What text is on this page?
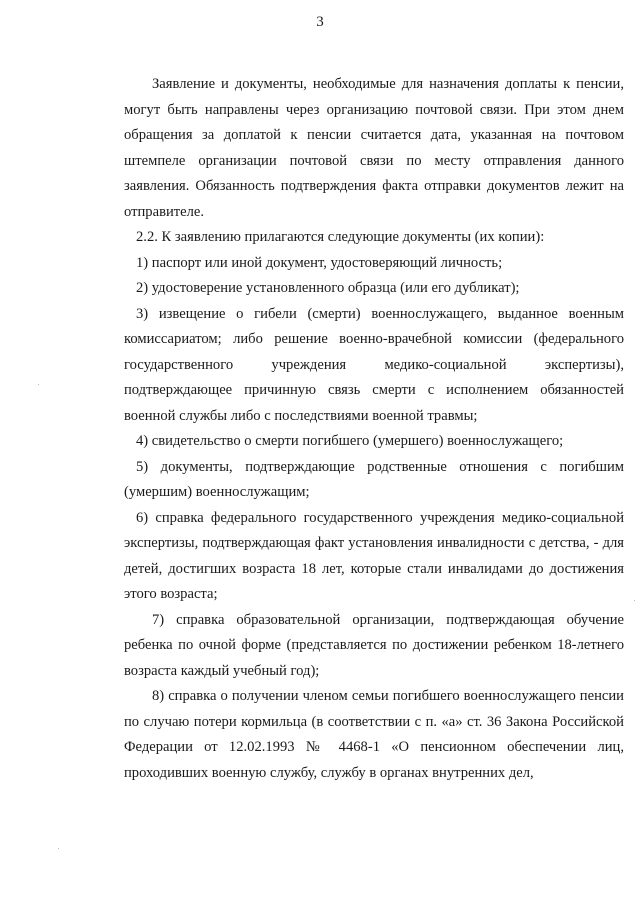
3

Заявление и документы, необходимые для назначения доплаты к пенсии, могут быть направлены через организацию почтовой связи. При этом днем обращения за доплатой к пенсии считается дата, указанная на почтовом штемпеле организации почтовой связи по месту отправления данного заявления. Обязанность подтверждения факта отправки документов лежит на отправителе.

2.2. К заявлению прилагаются следующие документы (их копии):

1) паспорт или иной документ, удостоверяющий личность;

2) удостоверение установленного образца (или его дубликат);

3) извещение о гибели (смерти) военнослужащего, выданное военным комиссариатом; либо решение военно-врачебной комиссии (федерального государственного учреждения медико-социальной экспертизы), подтверждающее причинную связь смерти с исполнением обязанностей военной службы либо с последствиями военной травмы;

4) свидетельство о смерти погибшего (умершего) военнослужащего;

5) документы, подтверждающие родственные отношения с погибшим (умершим) военнослужащим;

6) справка федерального государственного учреждения медико-социальной экспертизы, подтверждающая факт установления инвалидности с детства, - для детей, достигших возраста 18 лет, которые стали инвалидами до достижения этого возраста;

7) справка образовательной организации, подтверждающая обучение ребенка по очной форме (представляется по достижении ребенком 18-летнего возраста каждый учебный год);

8) справка о получении членом семьи погибшего военнослужащего пенсии по случаю потери кормильца (в соответствии с п. «а» ст. 36 Закона Российской Федерации от 12.02.1993 № 4468-1 «О пенсионном обеспечении лиц, проходивших военную службу, службу в органах внутренних дел,
